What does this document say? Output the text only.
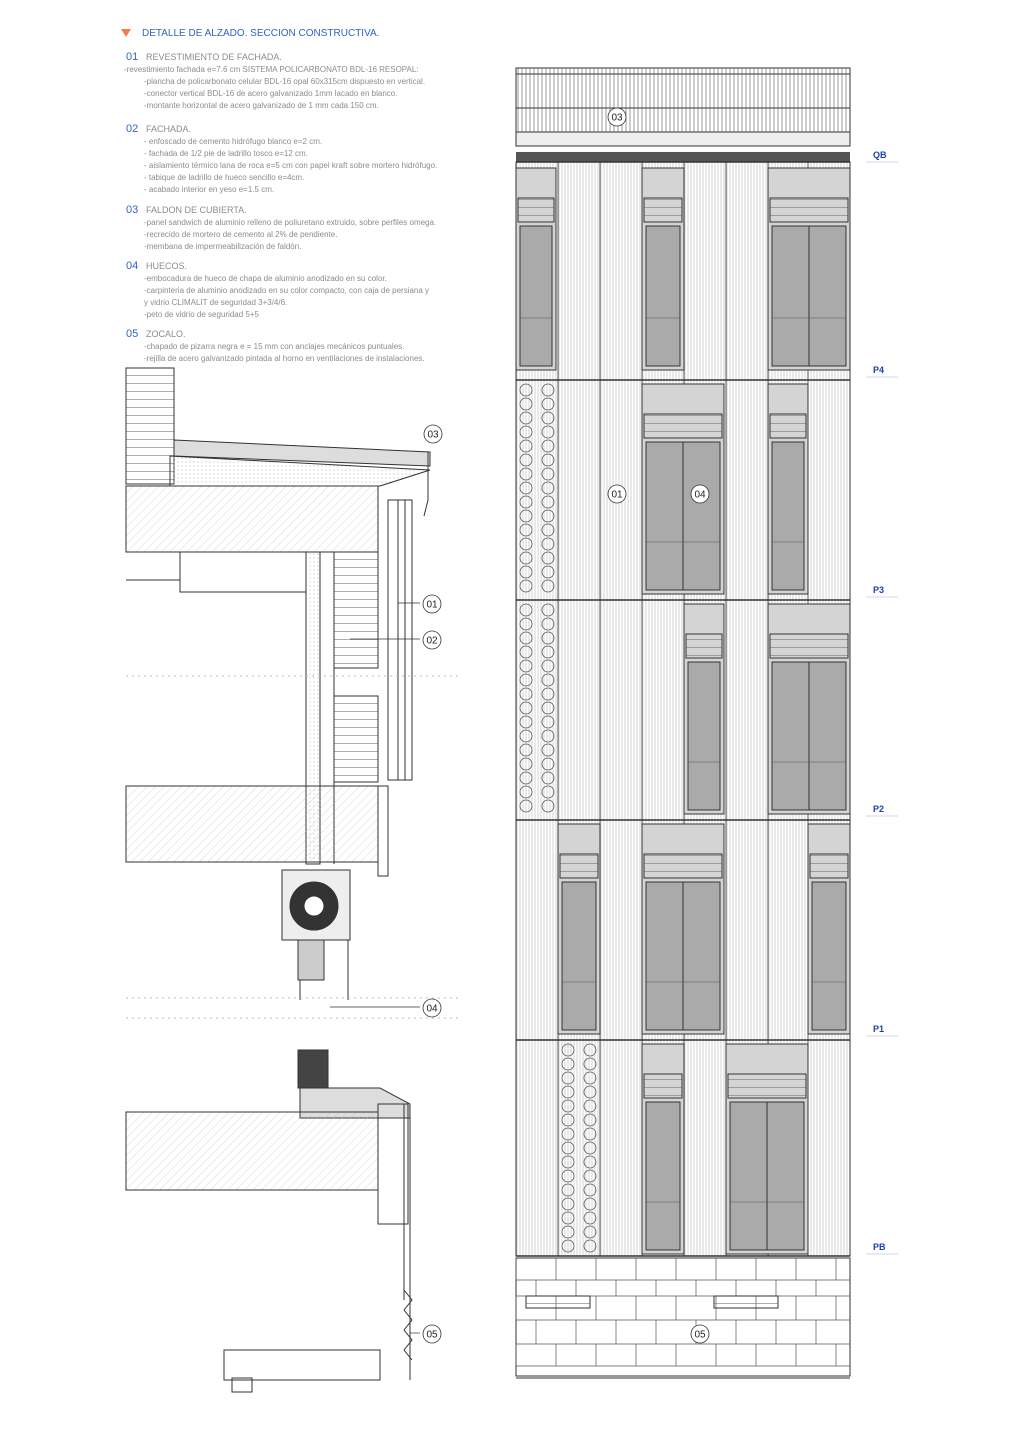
DETALLE DE ALZADO. SECCION CONSTRUCTIVA.
01 REVESTIMIENTO DE FACHADA.
-revestimiento fachada e=7.6 cm SISTEMA POLICARBONATO BDL-16 RESOPAL:
-plancha de policarbonato celular BDL-16 opal 60x315cm dispuesto en vertical.
-conector vertical BDL-16 de acero galvanizado 1mm lacado en blanco.
-montante horizontal de acero galvanizado de 1 mm cada 150 cm.
02 FACHADA.
- enfoscado de cemento hidrófugo blanco e=2 cm.
- fachada de 1/2 pie de ladrillo tosco e=12 cm.
- aislamiento térmico lana de roca e=5 cm con papel kraft sobre mortero hidrófugo.
- tabique de ladrillo de hueco sencillo e=4cm.
- acabado interior en yeso e=1.5 cm.
03 FALDON DE CUBIERTA.
-panel sandwich de aluminio relleno de poliuretano extruido, sobre perfiles omega.
-recrecido de mortero de cemento al 2% de pendiente.
-membana de impermeabilización de faldón.
04 HUECOS.
-embocadura de hueco de chapa de aluminio anodizado en su color.
-carpinteria de aluminio anodizado en su color compacto, con caja de persiana y
y vidrio CLIMALIT de seguridad 3+3/4/6.
-peto de vidrio de seguridad 5+5
05 ZOCALO.
-chapado de pizarra negra e = 15 mm con anclajes mecánicos puntuales.
-rejilla de acero galvanizado pintada al horno en ventilaciones de instalaciones.
QB
P4
P3
P2
P1
PB
03
01
02
04
05
03
01	04
05
